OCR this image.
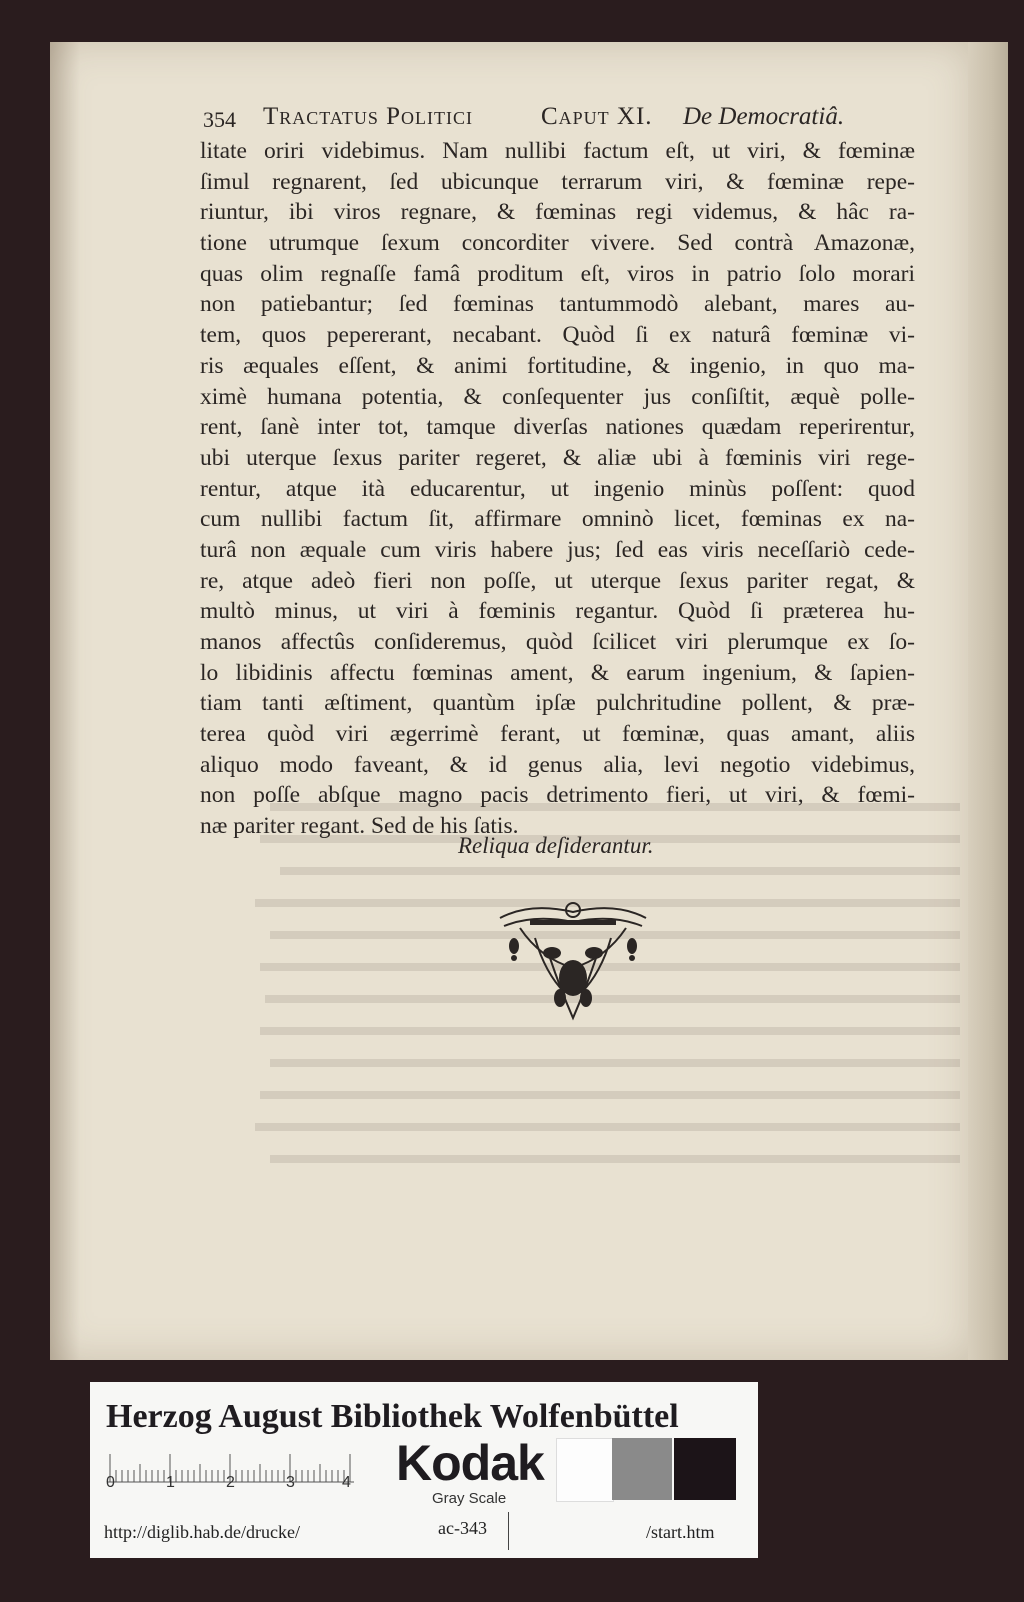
354 Tractatus Politici	Caput XI. De Democratiâ.
litate oriri videbimus. Nam nullibi factum eſt, ut viri, & fœminæ
ſimul regnarent, ſed ubicunque terrarum viri, & fœminæ repe-
riuntur, ibi viros regnare, & fœminas regi videmus, & hâc ra-
tione utrumque ſexum concorditer vivere. Sed contrà Amazonæ,
quas olim regnaſſe famâ proditum eſt, viros in patrio ſolo morari
non patiebantur; ſed fœminas tantummodò alebant, mares au-
tem, quos pepererant, necabant. Quòd ſi ex naturâ fœminæ vi-
ris æquales eſſent, & animi fortitudine, & ingenio, in quo ma-
ximè humana potentia, & conſequenter jus conſiſtit, æquè polle-
rent, ſanè inter tot, tamque diverſas nationes quædam reperirentur,
ubi uterque ſexus pariter regeret, & aliæ ubi à fœminis viri rege-
rentur, atque ità educarentur, ut ingenio minùs poſſent: quod
cum nullibi factum ſit, affirmare omninò licet, fœminas ex na-
turâ non æquale cum viris habere jus; ſed eas viris neceſſariò cede-
re, atque adeò fieri non poſſe, ut uterque ſexus pariter regat, &
multò minus, ut viri à fœminis regantur. Quòd ſi præterea hu-
manos affectûs conſideremus, quòd ſcilicet viri plerumque ex ſo-
lo libidinis affectu fœminas ament, & earum ingenium, & ſapien-
tiam tanti æſtiment, quantùm ipſæ pulchritudine pollent, & præ-
terea quòd viri ægerrimè ferant, ut fœminæ, quas amant, aliis
aliquo modo faveant, & id genus alia, levi negotio videbimus,
non poſſe abſque magno pacis detrimento fieri, ut viri, & fœmi-
næ pariter regant. Sed de his ſatis.
Reliqua deſiderantur.
Herzog August Bibliothek Wolfenbüttel
0	1	2	3	4 Kodak
Gray Scale
http://diglib.hab.de/drucke/	ac-343	/start.htm
